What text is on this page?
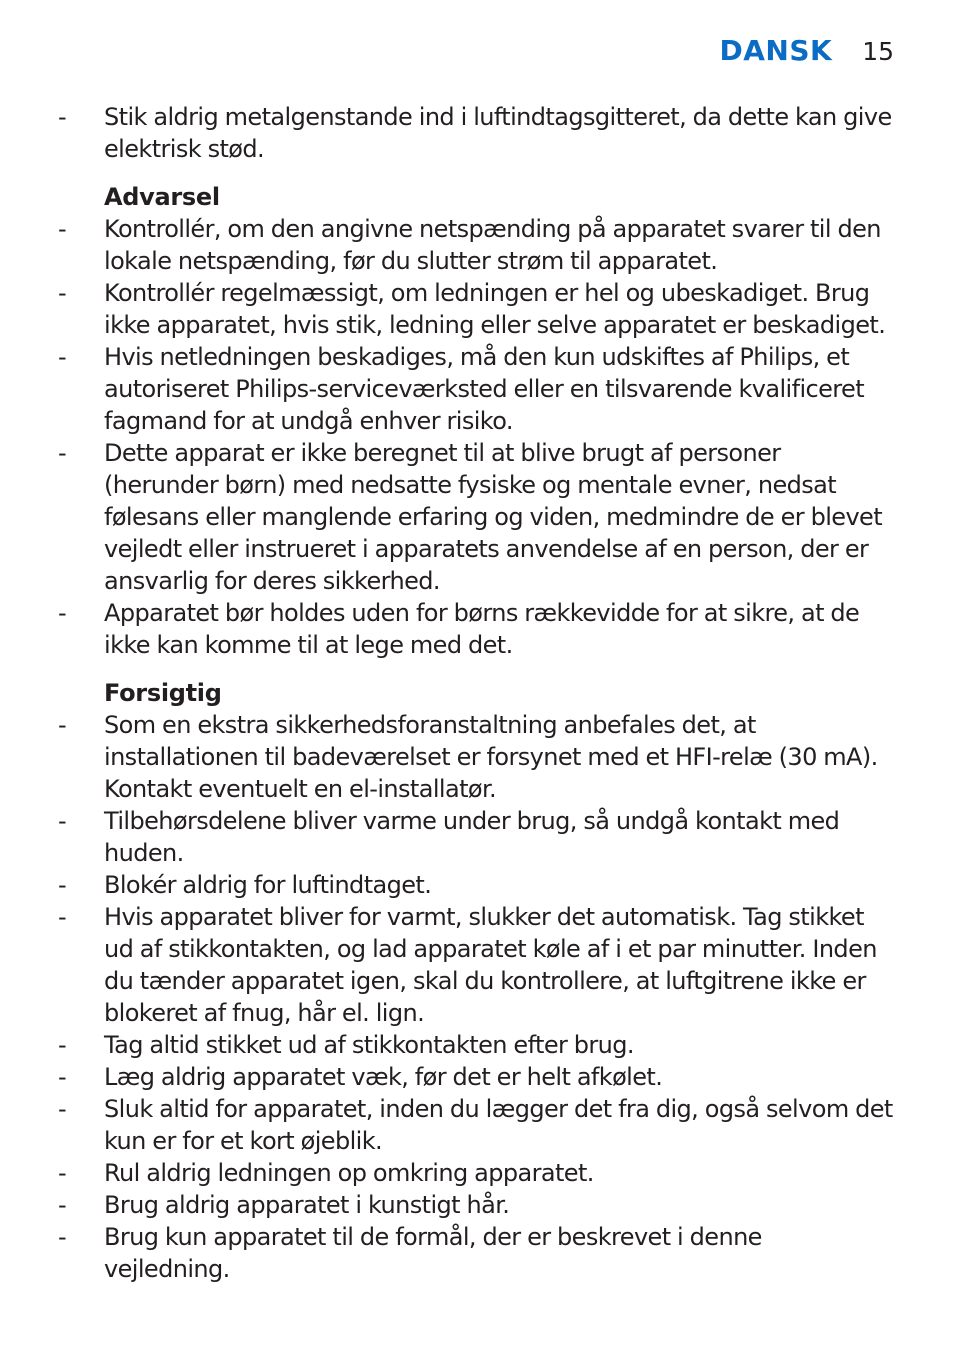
DANSK 15
- Stik aldrig metalgenstande ind i luftindtagsgitteret, da dette kan give elektrisk stød.
Advarsel
- Kontrollér, om den angivne netspænding på apparatet svarer til den lokale netspænding, før du slutter strøm til apparatet.
- Kontrollér regelmæssigt, om ledningen er hel og ubeskadiget. Brug ikke apparatet, hvis stik, ledning eller selve apparatet er beskadiget.
- Hvis netledningen beskadiges, må den kun udskiftes af Philips, et autoriseret Philips-serviceværksted eller en tilsvarende kvalificeret fagmand for at undgå enhver risiko.
- Dette apparat er ikke beregnet til at blive brugt af personer (herunder børn) med nedsatte fysiske og mentale evner, nedsat følesans eller manglende erfaring og viden, medmindre de er blevet vejledt eller instrueret i apparatets anvendelse af en person, der er ansvarlig for deres sikkerhed.
- Apparatet bør holdes uden for børns rækkevidde for at sikre, at de ikke kan komme til at lege med det.
Forsigtig
- Som en ekstra sikkerhedsforanstaltning anbefales det, at installationen til badeværelset er forsynet med et HFI-relæ (30 mA). Kontakt eventuelt en el-installatør.
- Tilbehørsdelene bliver varme under brug, så undgå kontakt med huden.
- Blokér aldrig for luftindtaget.
- Hvis apparatet bliver for varmt, slukker det automatisk. Tag stikket ud af stikkontakten, og lad apparatet køle af i et par minutter. Inden du tænder apparatet igen, skal du kontrollere, at luftgitrene ikke er blokeret af fnug, hår el. lign.
- Tag altid stikket ud af stikkontakten efter brug.
- Læg aldrig apparatet væk, før det er helt afkølet.
- Sluk altid for apparatet, inden du lægger det fra dig, også selvom det kun er for et kort øjeblik.
- Rul aldrig ledningen op omkring apparatet.
- Brug aldrig apparatet i kunstigt hår.
- Brug kun apparatet til de formål, der er beskrevet i denne vejledning.
